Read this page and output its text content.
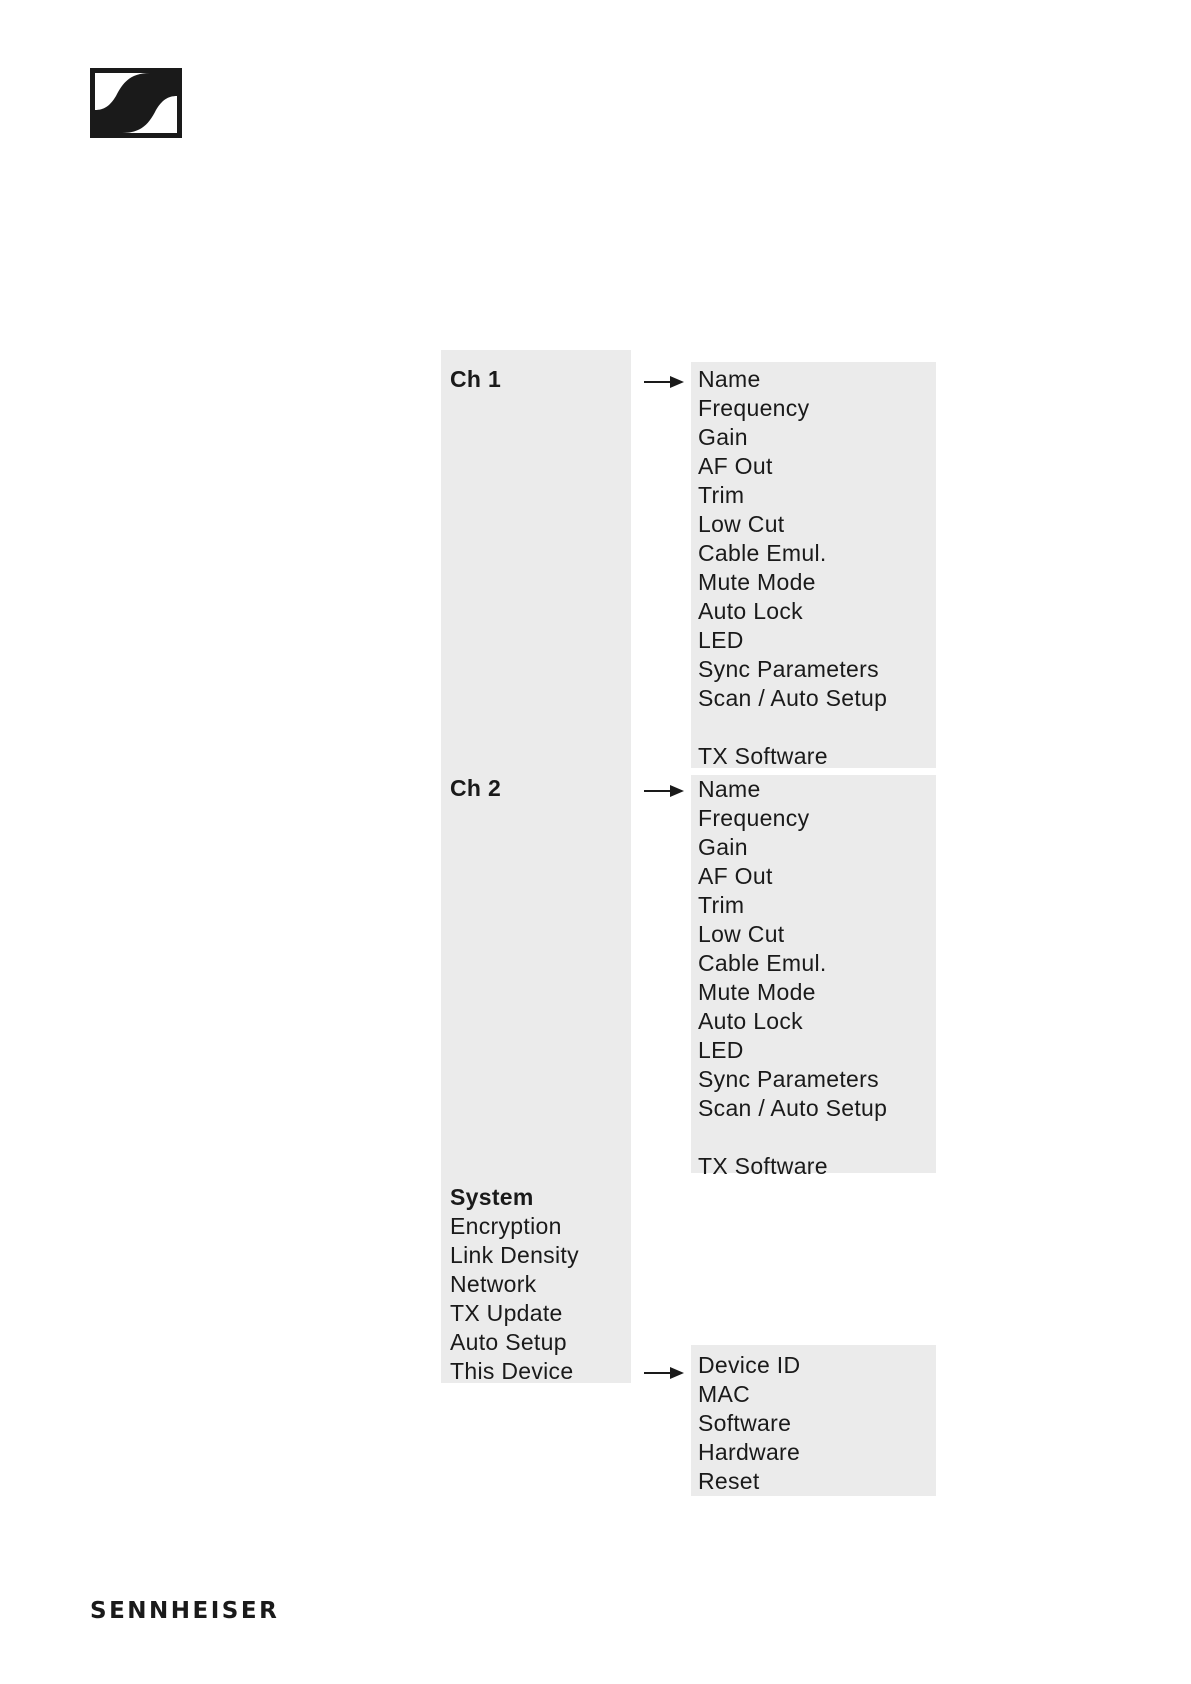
Ch 1
Ch 2
System
Encryption
Link Density
Network
TX Update
Auto Setup
This Device
Name
Frequency
Gain
AF Out
Trim
Low Cut
Cable Emul.
Mute Mode
Auto Lock
LED
Sync Parameters
Scan / Auto Setup
TX Software
Name
Frequency
Gain
AF Out
Trim
Low Cut
Cable Emul.
Mute Mode
Auto Lock
LED
Sync Parameters
Scan / Auto Setup
TX Software
Device ID
MAC
Software
Hardware
Reset
SENNHEISER
